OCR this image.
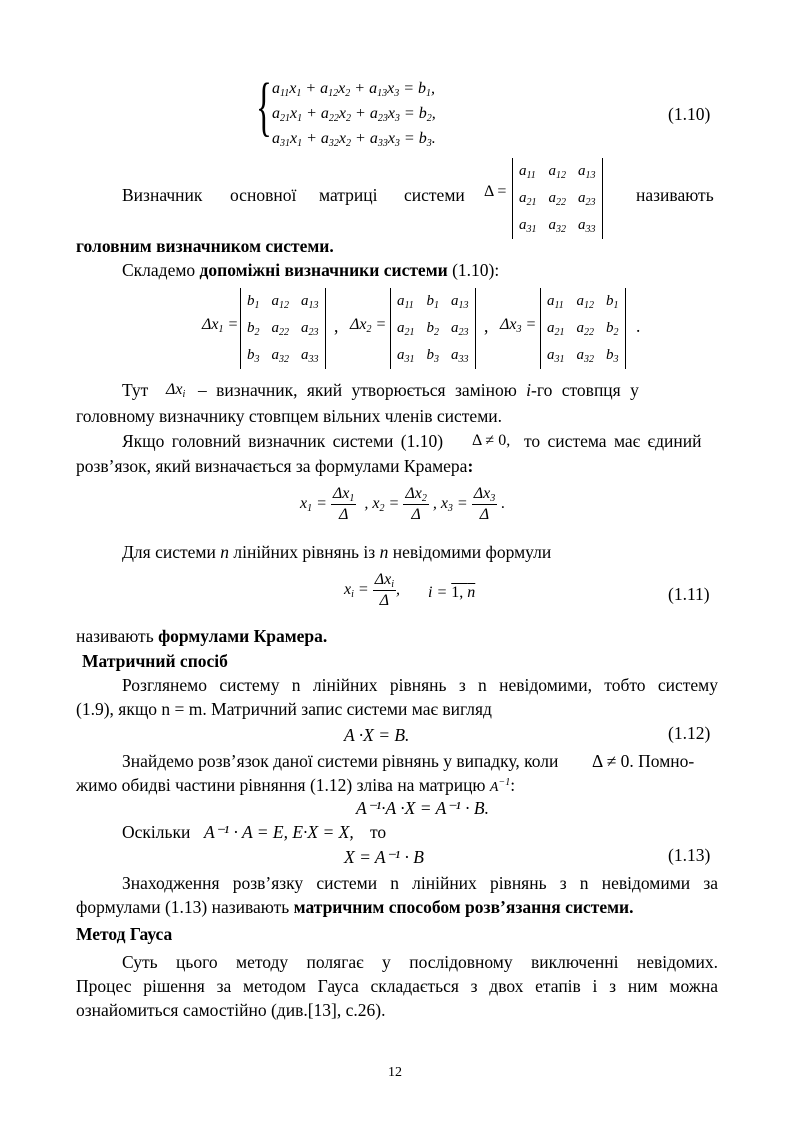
{ $a_{11}x_1 + a_{12}x_2 + a_{13}x_3 = b_1$,
$a_{21}x_1 + a_{22}x_2 + a_{23}x_3 = b_2$,
$a_{31}x_1 + a_{32}x_2 + a_{33}x_3 = b_3$.
(1.10)
Визначник основної матриці системи Δ =
$a_{11}$	$a_{12}$	$a_{13}$
$a_{21}$	$a_{22}$	$a_{23}$
$a_{31}$	$a_{32}$	$a_{33}$
називають
головним визначником системи.
Складемо допоміжні визначники системи (1.10):
$\Delta x_1$ =
$b_1$	$a_{12}$	$a_{13}$
$b_2$	$a_{22}$	$a_{23}$
$b_3$	$a_{32}$	$a_{33}$
, $\Delta x_2$ =
$a_{11}$	$b_1$	$a_{13}$
$a_{21}$	$b_2$	$a_{23}$
$a_{31}$	$b_3$	$a_{33}$
, $\Delta x_3$ =
$a_{11}$	$a_{12}$	$b_1$
$a_{21}$	$a_{22}$	$b_2$
$a_{31}$	$a_{32}$	$b_3$
.
Тут $\Delta x_i$ – визначник, який утворюється заміною i-го стовпця у
головному визначнику стовпцем вільних членів системи.
Якщо головний визначник системи (1.10) Δ ≠ 0, то система має єдиний
розв’язок, який визначається за формулами Крамера:
$x_1 = \frac{\Delta x_1}{\Delta}$ , $x_2 = \frac{\Delta x_2}{\Delta}$ , $x_3 = \frac{\Delta x_3}{\Delta}$ .
Для системи n лінійних рівнянь із n невідомими формули
$x_i = \frac{\Delta x_i}{\Delta}$ , i = 1, n	(1.11)
називають формулами Крамера.
Матричний спосіб
Розглянемо систему n лінійних рівнянь з n невідомими, тобто систему
(1.9), якщо n = m. Матричний запис системи має вигляд
A ·X = B.	(1.12)
Знайдемо розв’язок даної системи рівнянь у випадку, коли Δ ≠ 0. Помно-
жимо обидві частини рівняння (1.12) зліва на матрицю $A^{-1}$:
A⁻¹·A ·X = A⁻¹ · B.
Оскільки A⁻¹ · A = E, E·X = X, то
X = A⁻¹ · B	(1.13)
Знаходження розв’язку системи n лінійних рівнянь з n невідомими за
формулами (1.13) називають матричним способом розв’язання системи.
Метод Гауса
Суть цього методу полягає у послідовному виключенні невідомих.
Процес рішення за методом Гауса складається з двох етапів і з ним можна
ознайомиться самостійно (див.[13], с.26).
12
